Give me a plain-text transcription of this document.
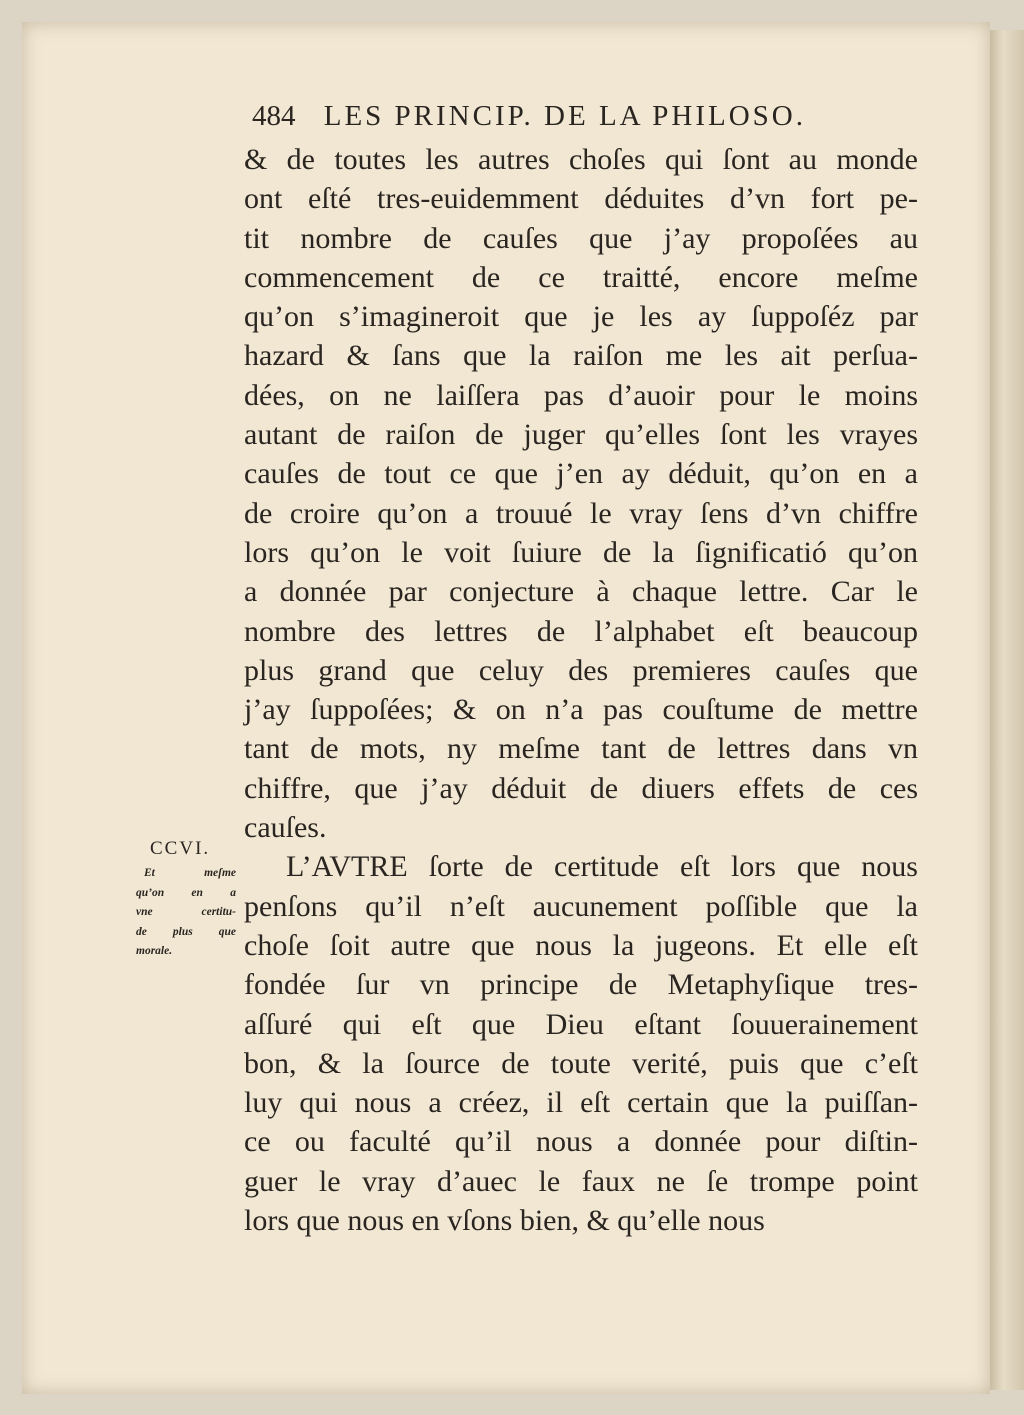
484 LES PRINCIP. DE LA PHILOSO.
& de toutes les autres choſes qui ſont au monde
ont eſté tres-euidemment déduites d’vn fort pe-
tit nombre de cauſes que j’ay propoſées au
commencement de ce traitté, encore meſme
qu’on s’imagineroit que je les ay ſuppoſéz par
hazard & ſans que la raiſon me les ait perſua-
dées, on ne laiſſera pas d’auoir pour le moins
autant de raiſon de juger qu’elles ſont les vrayes
cauſes de tout ce que j’en ay déduit, qu’on en a
de croire qu’on a trouué le vray ſens d’vn chiffre
lors qu’on le voit ſuiure de la ſignificatió qu’on
a donnée par conjecture à chaque lettre. Car le
nombre des lettres de l’alphabet eſt beaucoup
plus grand que celuy des premieres cauſes que
j’ay ſuppoſées; & on n’a pas couſtume de mettre
tant de mots, ny meſme tant de lettres dans vn
chiffre, que j’ay déduit de diuers effets de ces
cauſes.
L’AVTRE ſorte de certitude eſt lors que nous
penſons qu’il n’eſt aucunement poſſible que la
choſe ſoit autre que nous la jugeons. Et elle eſt
fondée ſur vn principe de Metaphyſique tres-
aſſuré qui eſt que Dieu eſtant ſouuerainement
bon, & la ſource de toute verité, puis que c’eſt
luy qui nous a créez, il eſt certain que la puiſſan-
ce ou faculté qu’il nous a donnée pour diſtin-
guer le vray d’auec le faux ne ſe trompe point
lors que nous en vſons bien, & qu’elle nous
CCVI.
Et meſme
qu’on en a
vne certitu-
de plus que
morale.
